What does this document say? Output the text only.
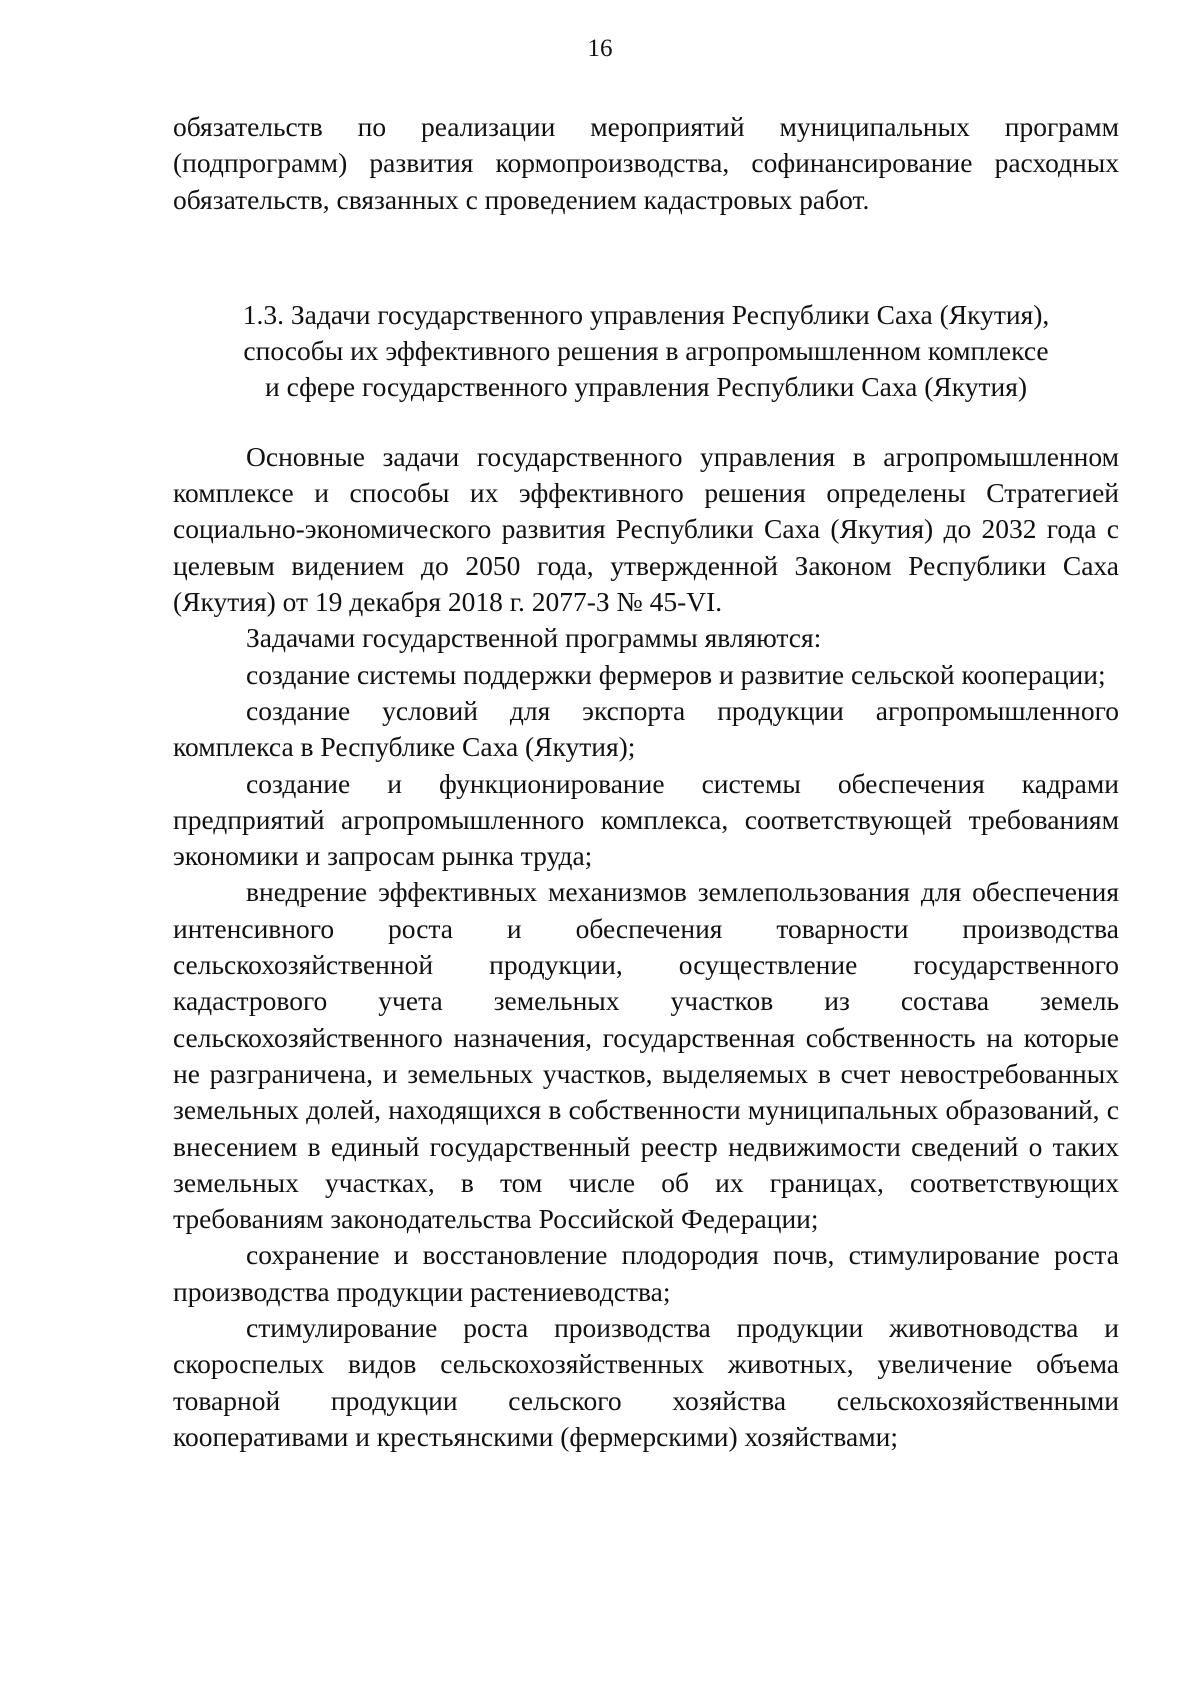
16

обязательств по реализации мероприятий муниципальных программ (подпрограмм) развития кормопроизводства, софинансирование расходных обязательств, связанных с проведением кадастровых работ.

1.3. Задачи государственного управления Республики Саха (Якутия),
способы их эффективного решения в агропромышленном комплексе
и сфере государственного управления Республики Саха (Якутия)

Основные задачи государственного управления в агропромышленном комплексе и способы их эффективного решения определены Стратегией социально-экономического развития Республики Саха (Якутия) до 2032 года с целевым видением до 2050 года, утвержденной Законом Республики Саха (Якутия) от 19 декабря 2018 г. 2077-З № 45-VI.

Задачами государственной программы являются:

создание системы поддержки фермеров и развитие сельской кооперации;

создание условий для экспорта продукции агропромышленного комплекса в Республике Саха (Якутия);

создание и функционирование системы обеспечения кадрами предприятий агропромышленного комплекса, соответствующей требованиям экономики и запросам рынка труда;

внедрение эффективных механизмов землепользования для обеспечения интенсивного роста и обеспечения товарности производства сельскохозяйственной продукции, осуществление государственного кадастрового учета земельных участков из состава земель сельскохозяйственного назначения, государственная собственность на которые не разграничена, и земельных участков, выделяемых в счет невостребованных земельных долей, находящихся в собственности муниципальных образований, с внесением в единый государственный реестр недвижимости сведений о таких земельных участках, в том числе об их границах, соответствующих требованиям законодательства Российской Федерации;

сохранение и восстановление плодородия почв, стимулирование роста производства продукции растениеводства;

стимулирование роста производства продукции животноводства и скороспелых видов сельскохозяйственных животных, увеличение объема товарной продукции сельского хозяйства сельскохозяйственными кооперативами и крестьянскими (фермерскими) хозяйствами;
